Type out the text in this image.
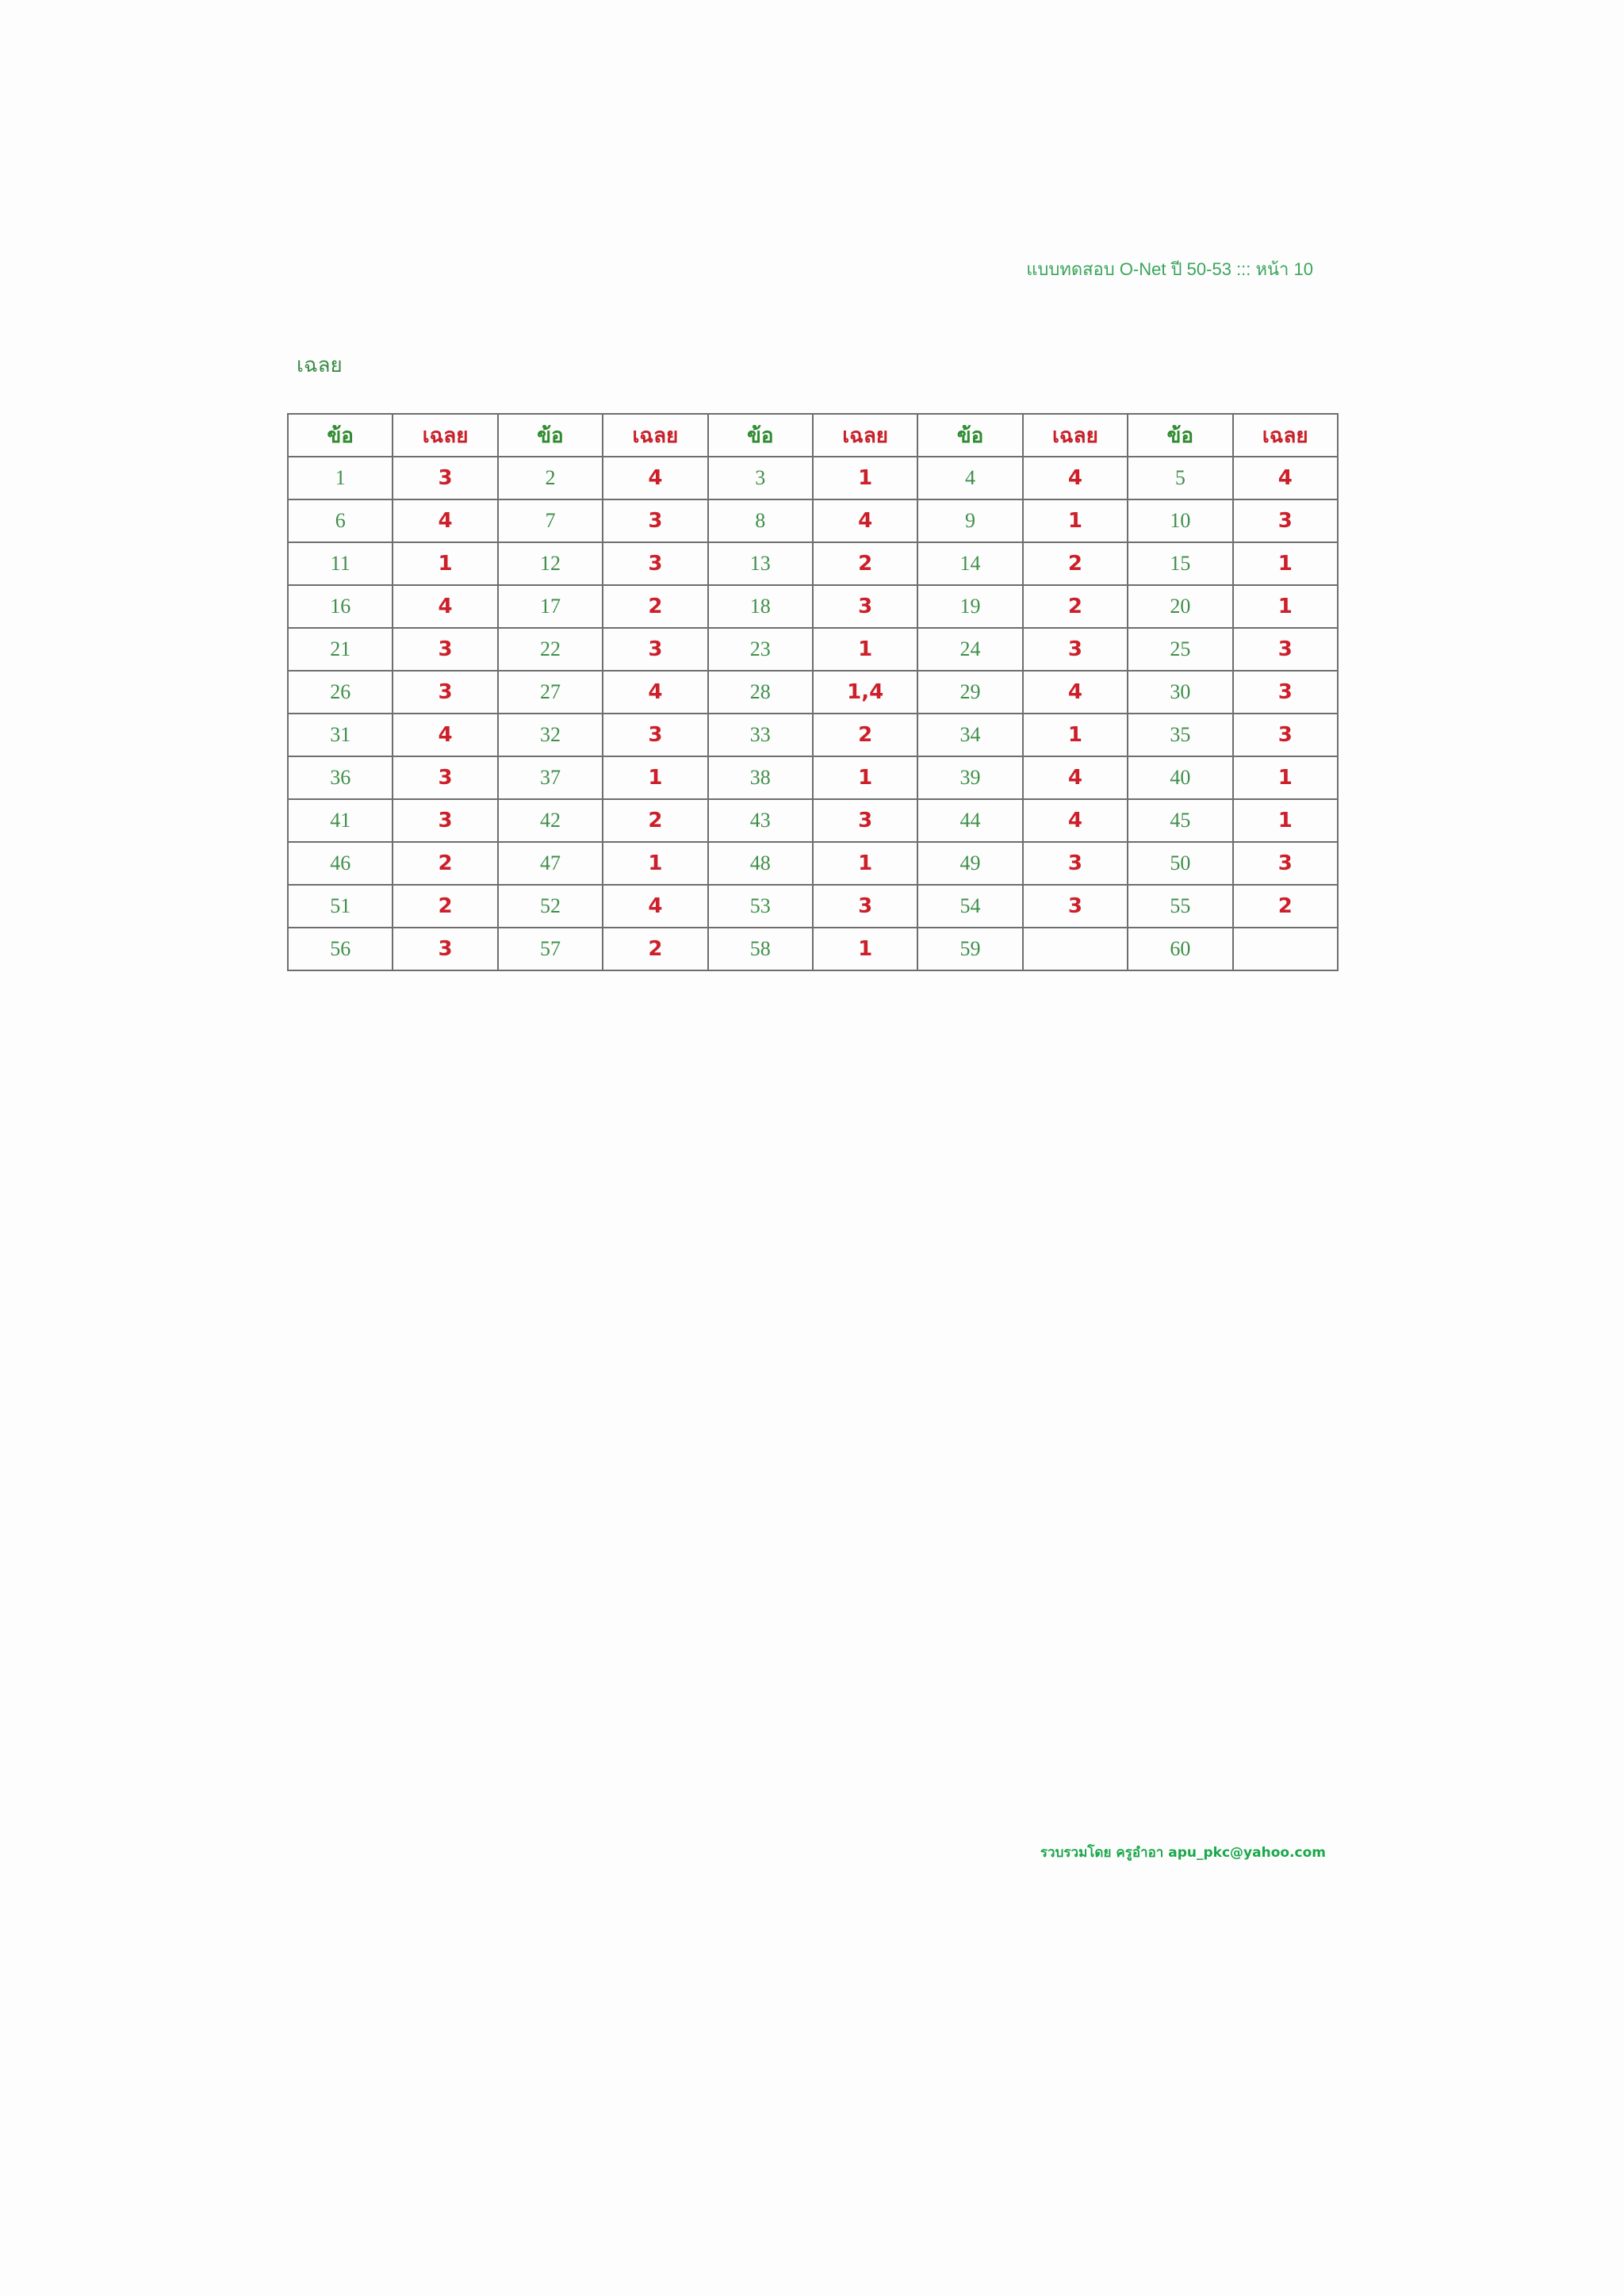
แบบทดสอบ O-Net ปี 50-53 ::: หน้า 10
เฉลย
ข้อ	เฉลย	ข้อ	เฉลย	ข้อ	เฉลย	ข้อ	เฉลย	ข้อ	เฉลย
1	3	2	4	3	1	4	4	5	4
6	4	7	3	8	4	9	1	10	3
11	1	12	3	13	2	14	2	15	1
16	4	17	2	18	3	19	2	20	1
21	3	22	3	23	1	24	3	25	3
26	3	27	4	28	1,4	29	4	30	3
31	4	32	3	33	2	34	1	35	3
36	3	37	1	38	1	39	4	40	1
41	3	42	2	43	3	44	4	45	1
46	2	47	1	48	1	49	3	50	3
51	2	52	4	53	3	54	3	55	2
56	3	57	2	58	1	59		60	
รวบรวมโดย ครูอำอา apu_pkc@yahoo.com
